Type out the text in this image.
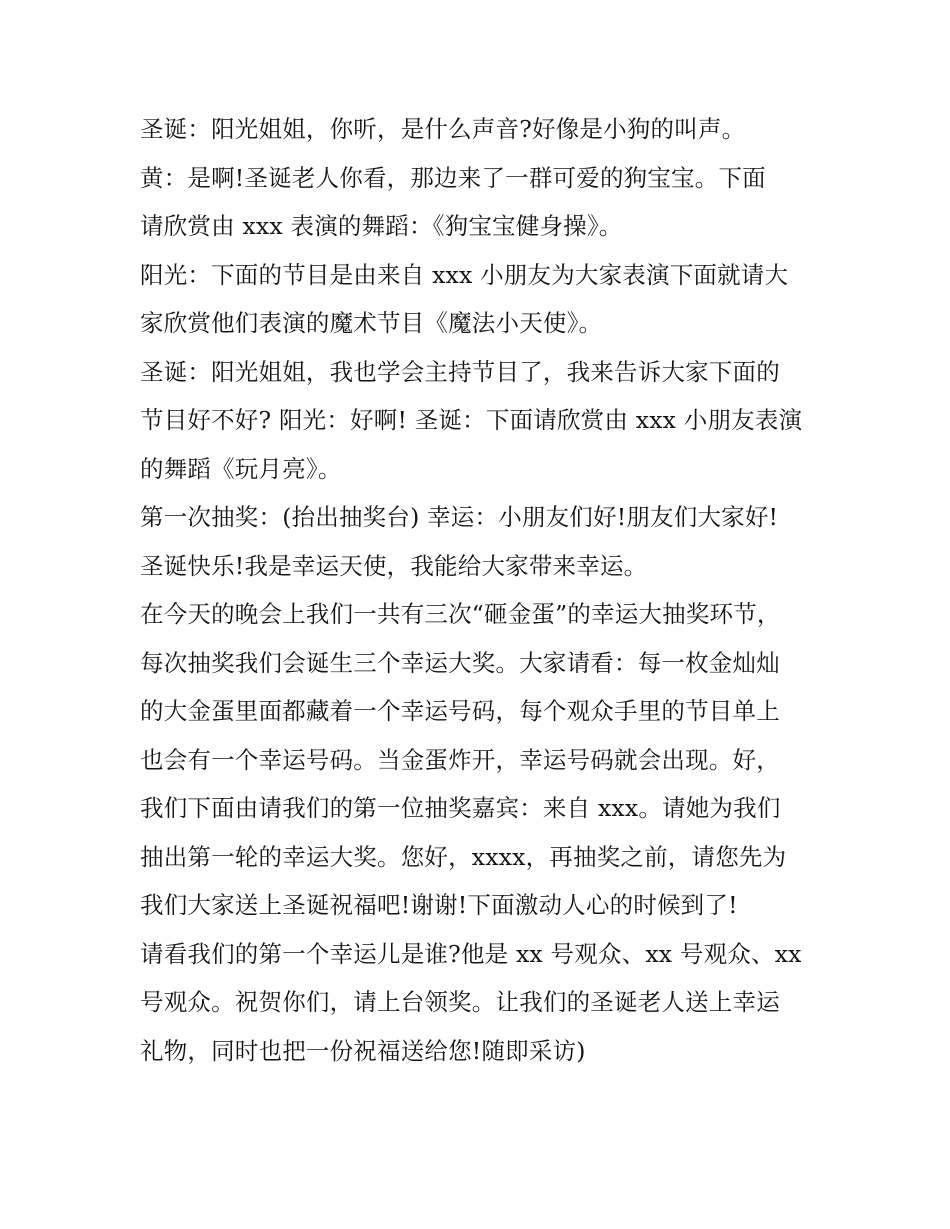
圣诞：阳光姐姐，你听，是什么声音?好像是小狗的叫声。
黄：是啊!圣诞老人你看，那边来了一群可爱的狗宝宝。下面
请欣赏由 xxx 表演的舞蹈：《狗宝宝健身操》。
阳光：下面的节目是由来自 xxx 小朋友为大家表演下面就请大
家欣赏他们表演的魔术节目《魔法小天使》。
圣诞：阳光姐姐，我也学会主持节目了，我来告诉大家下面的
节目好不好? 阳光：好啊! 圣诞：下面请欣赏由 xxx 小朋友表演
的舞蹈《玩月亮》。
第一次抽奖：(抬出抽奖台) 幸运：小朋友们好!朋友们大家好!
圣诞快乐!我是幸运天使，我能给大家带来幸运。
在今天的晚会上我们一共有三次“砸金蛋”的幸运大抽奖环节，
每次抽奖我们会诞生三个幸运大奖。大家请看：每一枚金灿灿
的大金蛋里面都藏着一个幸运号码，每个观众手里的节目单上
也会有一个幸运号码。当金蛋炸开，幸运号码就会出现。好，
我们下面由请我们的第一位抽奖嘉宾：来自 xxx。请她为我们
抽出第一轮的幸运大奖。您好，xxxx，再抽奖之前，请您先为
我们大家送上圣诞祝福吧!谢谢!下面激动人心的时候到了!
请看我们的第一个幸运儿是谁?他是 xx 号观众、xx 号观众、xx
号观众。祝贺你们，请上台领奖。让我们的圣诞老人送上幸运
礼物，同时也把一份祝福送给您!随即采访)
